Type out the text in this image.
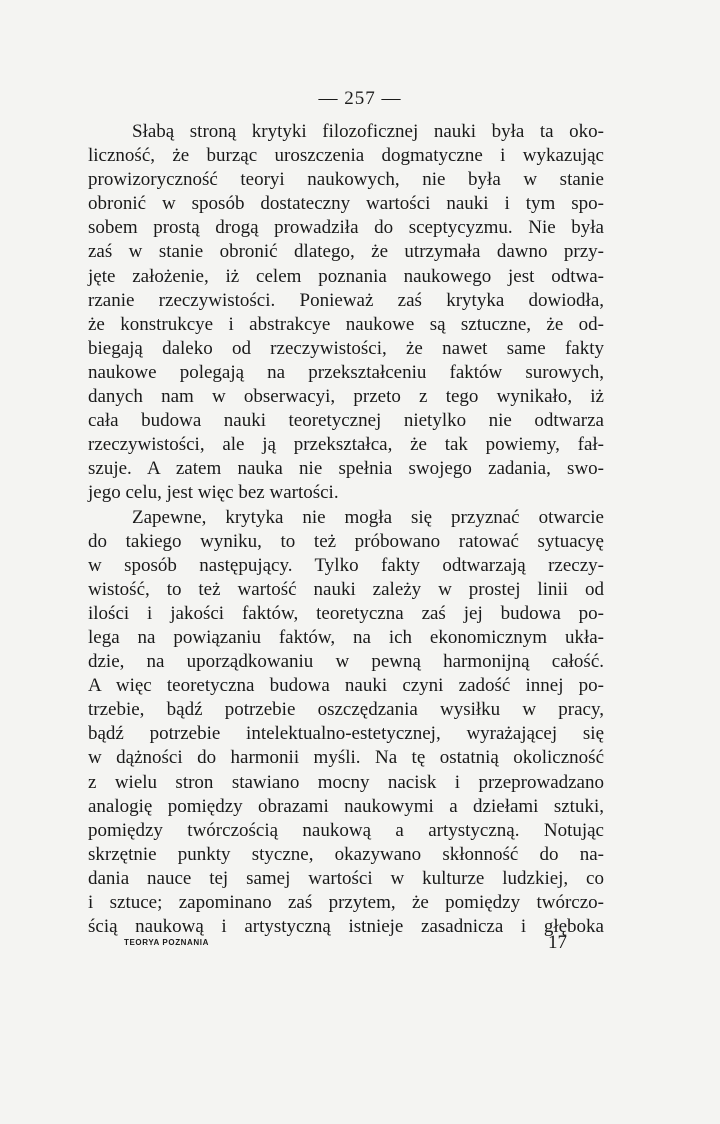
— 257 —
Słabą stroną krytyki filozoficznej nauki była ta oko-
liczność, że burząc uroszczenia dogmatyczne i wykazując
prowizoryczność teoryi naukowych, nie była w stanie
obronić w sposób dostateczny wartości nauki i tym spo-
sobem prostą drogą prowadziła do sceptycyzmu. Nie była
zaś w stanie obronić dlatego, że utrzymała dawno przy-
jęte założenie, iż celem poznania naukowego jest odtwa-
rzanie rzeczywistości. Ponieważ zaś krytyka dowiodła,
że konstrukcye i abstrakcye naukowe są sztuczne, że od-
biegają daleko od rzeczywistości, że nawet same fakty
naukowe polegają na przekształceniu faktów surowych,
danych nam w obserwacyi, przeto z tego wynikało, iż
cała budowa nauki teoretycznej nietylko nie odtwarza
rzeczywistości, ale ją przekształca, że tak powiemy, fał-
szuje. A zatem nauka nie spełnia swojego zadania, swo-
jego celu, jest więc bez wartości.
Zapewne, krytyka nie mogła się przyznać otwarcie
do takiego wyniku, to też próbowano ratować sytuacyę
w sposób następujący. Tylko fakty odtwarzają rzeczy-
wistość, to też wartość nauki zależy w prostej linii od
ilości i jakości faktów, teoretyczna zaś jej budowa po-
lega na powiązaniu faktów, na ich ekonomicznym ukła-
dzie, na uporządkowaniu w pewną harmonijną całość.
A więc teoretyczna budowa nauki czyni zadość innej po-
trzebie, bądź potrzebie oszczędzania wysiłku w pracy,
bądź potrzebie intelektualno-estetycznej, wyrażającej się
w dążności do harmonii myśli. Na tę ostatnią okoliczność
z wielu stron stawiano mocny nacisk i przeprowadzano
analogię pomiędzy obrazami naukowymi a dziełami sztuki,
pomiędzy twórczością naukową a artystyczną. Notując
skrzętnie punkty styczne, okazywano skłonność do na-
dania nauce tej samej wartości w kulturze ludzkiej, co
i sztuce; zapominano zaś przytem, że pomiędzy twórczo-
ścią naukową i artystyczną istnieje zasadnicza i głęboka
TEORYA POZNANIA	17
